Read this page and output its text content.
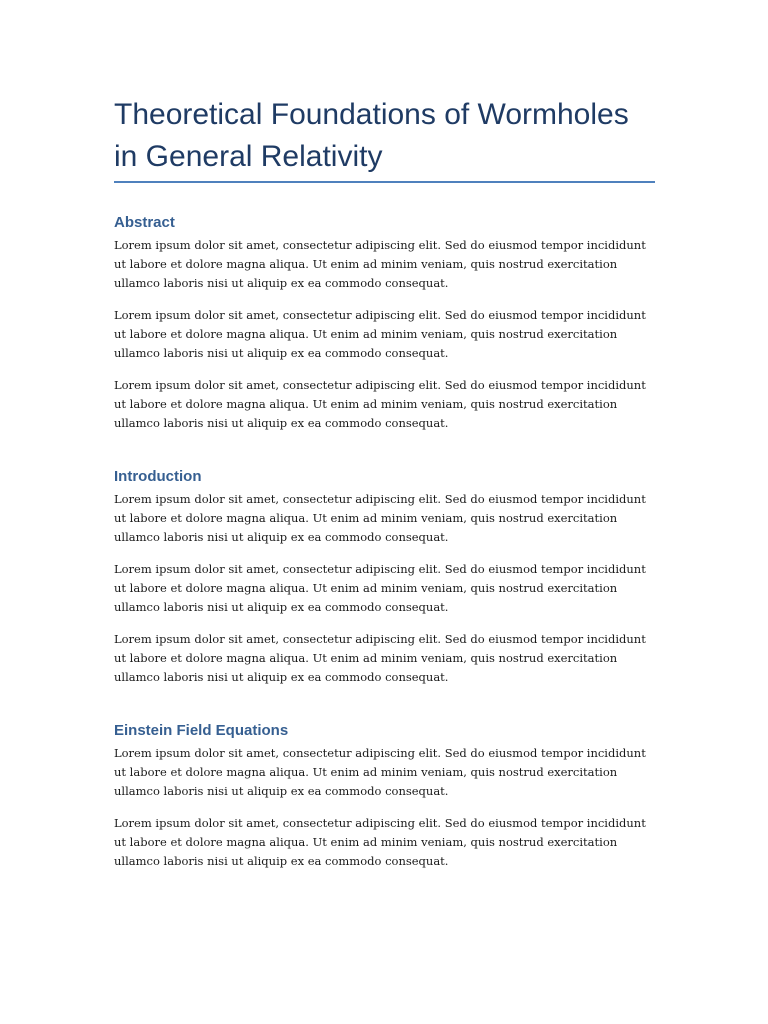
Theoretical Foundations of Wormholes in General Relativity
Abstract

Lorem ipsum dolor sit amet, consectetur adipiscing elit. Sed do eiusmod tempor incididunt ut labore et dolore magna aliqua. Ut enim ad minim veniam, quis nostrud exercitation ullamco laboris nisi ut aliquip ex ea commodo consequat.

Lorem ipsum dolor sit amet, consectetur adipiscing elit. Sed do eiusmod tempor incididunt ut labore et dolore magna aliqua. Ut enim ad minim veniam, quis nostrud exercitation ullamco laboris nisi ut aliquip ex ea commodo consequat.

Lorem ipsum dolor sit amet, consectetur adipiscing elit. Sed do eiusmod tempor incididunt ut labore et dolore magna aliqua. Ut enim ad minim veniam, quis nostrud exercitation ullamco laboris nisi ut aliquip ex ea commodo consequat.

Introduction

Lorem ipsum dolor sit amet, consectetur adipiscing elit. Sed do eiusmod tempor incididunt ut labore et dolore magna aliqua. Ut enim ad minim veniam, quis nostrud exercitation ullamco laboris nisi ut aliquip ex ea commodo consequat.

Lorem ipsum dolor sit amet, consectetur adipiscing elit. Sed do eiusmod tempor incididunt ut labore et dolore magna aliqua. Ut enim ad minim veniam, quis nostrud exercitation ullamco laboris nisi ut aliquip ex ea commodo consequat.

Lorem ipsum dolor sit amet, consectetur adipiscing elit. Sed do eiusmod tempor incididunt ut labore et dolore magna aliqua. Ut enim ad minim veniam, quis nostrud exercitation ullamco laboris nisi ut aliquip ex ea commodo consequat.

Einstein Field Equations

Lorem ipsum dolor sit amet, consectetur adipiscing elit. Sed do eiusmod tempor incididunt ut labore et dolore magna aliqua. Ut enim ad minim veniam, quis nostrud exercitation ullamco laboris nisi ut aliquip ex ea commodo consequat.

Lorem ipsum dolor sit amet, consectetur adipiscing elit. Sed do eiusmod tempor incididunt ut labore et dolore magna aliqua. Ut enim ad minim veniam, quis nostrud exercitation ullamco laboris nisi ut aliquip ex ea commodo consequat.
